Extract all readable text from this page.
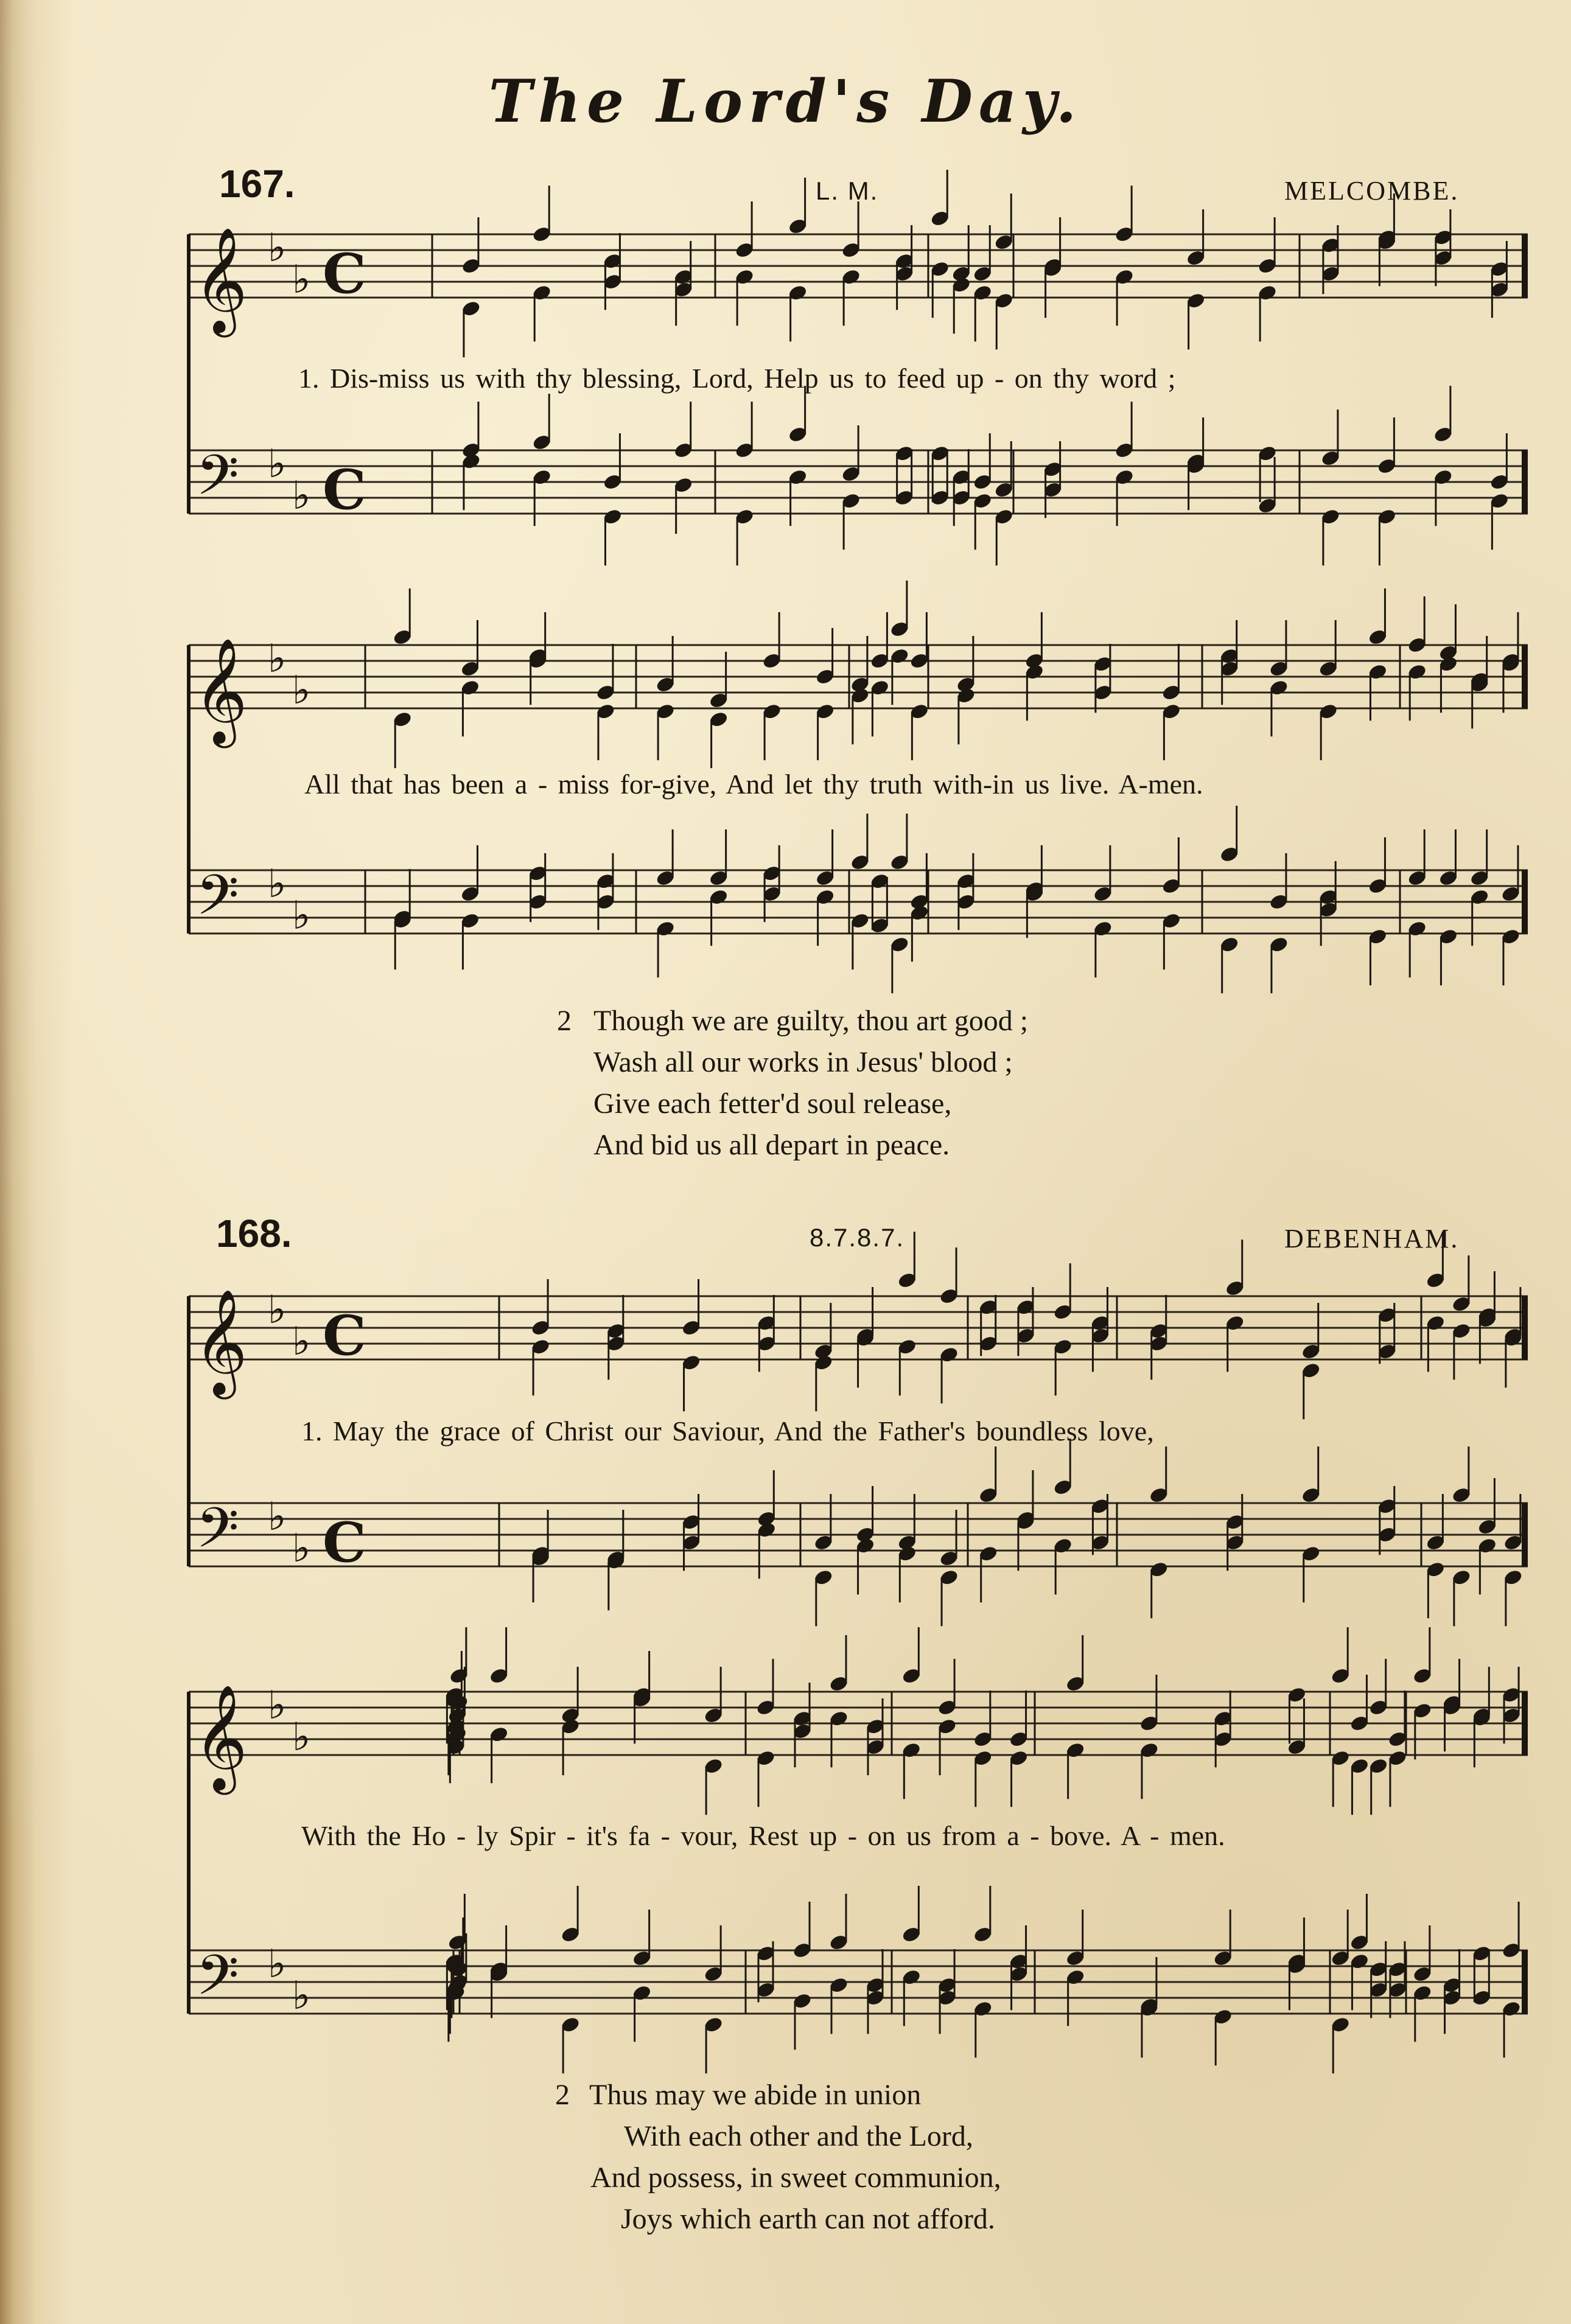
The Lord's Day.
167.	L. M.	MELCOMBE.
𝄞 ♭
♭
𝄢 ♭
♭
C
C
𝄞 ♭
♭
𝄢 ♭
♭
𝄞 ♭
♭
𝄢 ♭
♭
C
C
𝄞 ♭
♭
𝄢 ♭
♭
1. Dis-miss us with thy blessing, Lord, Help us to feed up - on thy word ;
All that has been a - miss for-give, And let thy truth with-in us live. A-men.
2 Though we are guilty, thou art good ;
Wash all our works in Jesus' blood ;
Give each fetter'd soul release,
And bid us all depart in peace.
168.	8.7.8.7.	DEBENHAM.
1. May the grace of Christ our Saviour, And the Father's boundless love,
With the Ho - ly Spir - it's fa - vour, Rest up - on us from a - bove. A - men.
2 Thus may we abide in union
With each other and the Lord,
And possess, in sweet communion,
Joys which earth can not afford.
